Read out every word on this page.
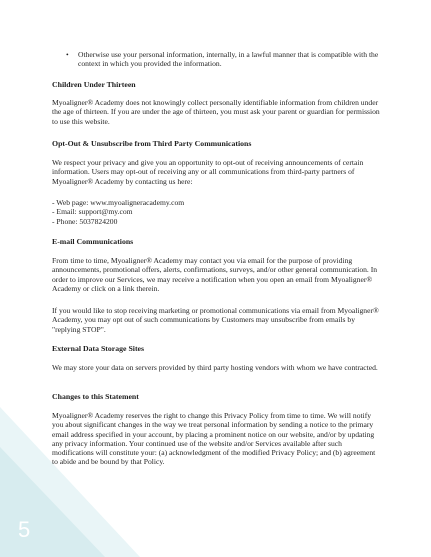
5
•	Otherwise use your personal information, internally, in a lawful manner that is compatible with the context in which you provided the information.
Children Under Thirteen

Myoaligner® Academy does not knowingly collect personally identifiable information from children under the age of thirteen. If you are under the age of thirteen, you must ask your parent or guardian for permission to use this website.

Opt-Out & Unsubscribe from Third Party Communications

We respect your privacy and give you an opportunity to opt-out of receiving announcements of certain information. Users may opt-out of receiving any or all communications from third-party partners of Myoaligner® Academy by contacting us here:

- Web page: www.myoaligneracademy.com
- Email: support@my.com
- Phone: 5037824200
E-mail Communications

From time to time, Myoaligner® Academy may contact you via email for the purpose of providing announcements, promotional offers, alerts, confirmations, surveys, and/or other general communication. In order to improve our Services, we may receive a notification when you open an email from Myoaligner® Academy or click on a link therein.

If you would like to stop receiving marketing or promotional communications via email from Myoaligner® Academy, you may opt out of such communications by Customers may unsubscribe from emails by "replying STOP".

External Data Storage Sites

We may store your data on servers provided by third party hosting vendors with whom we have contracted.

Changes to this Statement

Myoaligner® Academy reserves the right to change this Privacy Policy from time to time. We will notify you about significant changes in the way we treat personal information by sending a notice to the primary email address specified in your account, by placing a prominent notice on our website, and/or by updating any privacy information. Your continued use of the website and/or Services available after such modifications will constitute your: (a) acknowledgment of the modified Privacy Policy; and (b) agreement to abide and be bound by that Policy.
